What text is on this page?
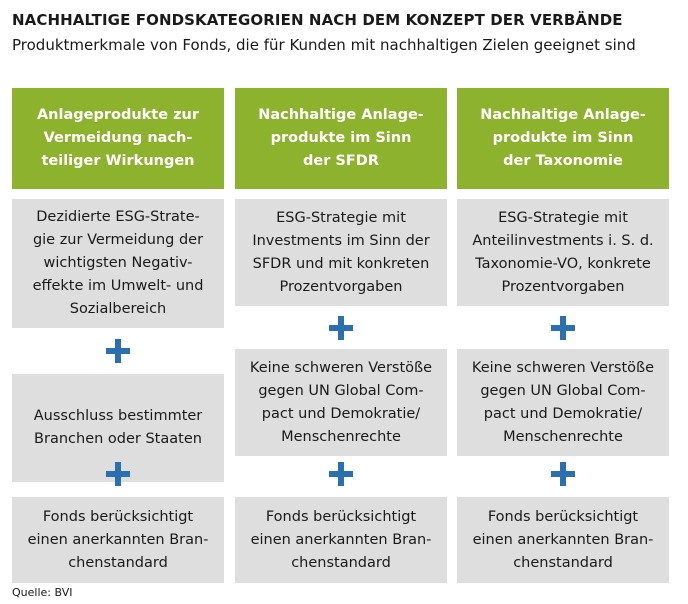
NACHHALTIGE FONDSKATEGORIEN NACH DEM KONZEPT DER VERBÄNDE
Produktmerkmale von Fonds, die für Kunden mit nachhaltigen Zielen geeignet sind
Anlageprodukte zur
Vermeidung nach-
teiliger Wirkungen
Dezidierte ESG-Strate-
gie zur Vermeidung der
wichtigsten Negativ-
effekte im Umwelt- und
Sozialbereich
Ausschluss bestimmter
Branchen oder Staaten
Fonds berücksichtigt
einen anerkannten Bran-
chenstandard
Nachhaltige Anlage-
produkte im Sinn
der SFDR
ESG-Strategie mit
Investments im Sinn der
SFDR und mit konkreten
Prozentvorgaben
Keine schweren Verstöße
gegen UN Global Com-
pact und Demokratie/
Menschenrechte
Fonds berücksichtigt
einen anerkannten Bran-
chenstandard
Nachhaltige Anlage-
produkte im Sinn
der Taxonomie
ESG-Strategie mit
Anteilinvestments i. S. d.
Taxonomie-VO, konkrete
Prozentvorgaben
Keine schweren Verstöße
gegen UN Global Com-
pact und Demokratie/
Menschenrechte
Fonds berücksichtigt
einen anerkannten Bran-
chenstandard
Quelle: BVI
